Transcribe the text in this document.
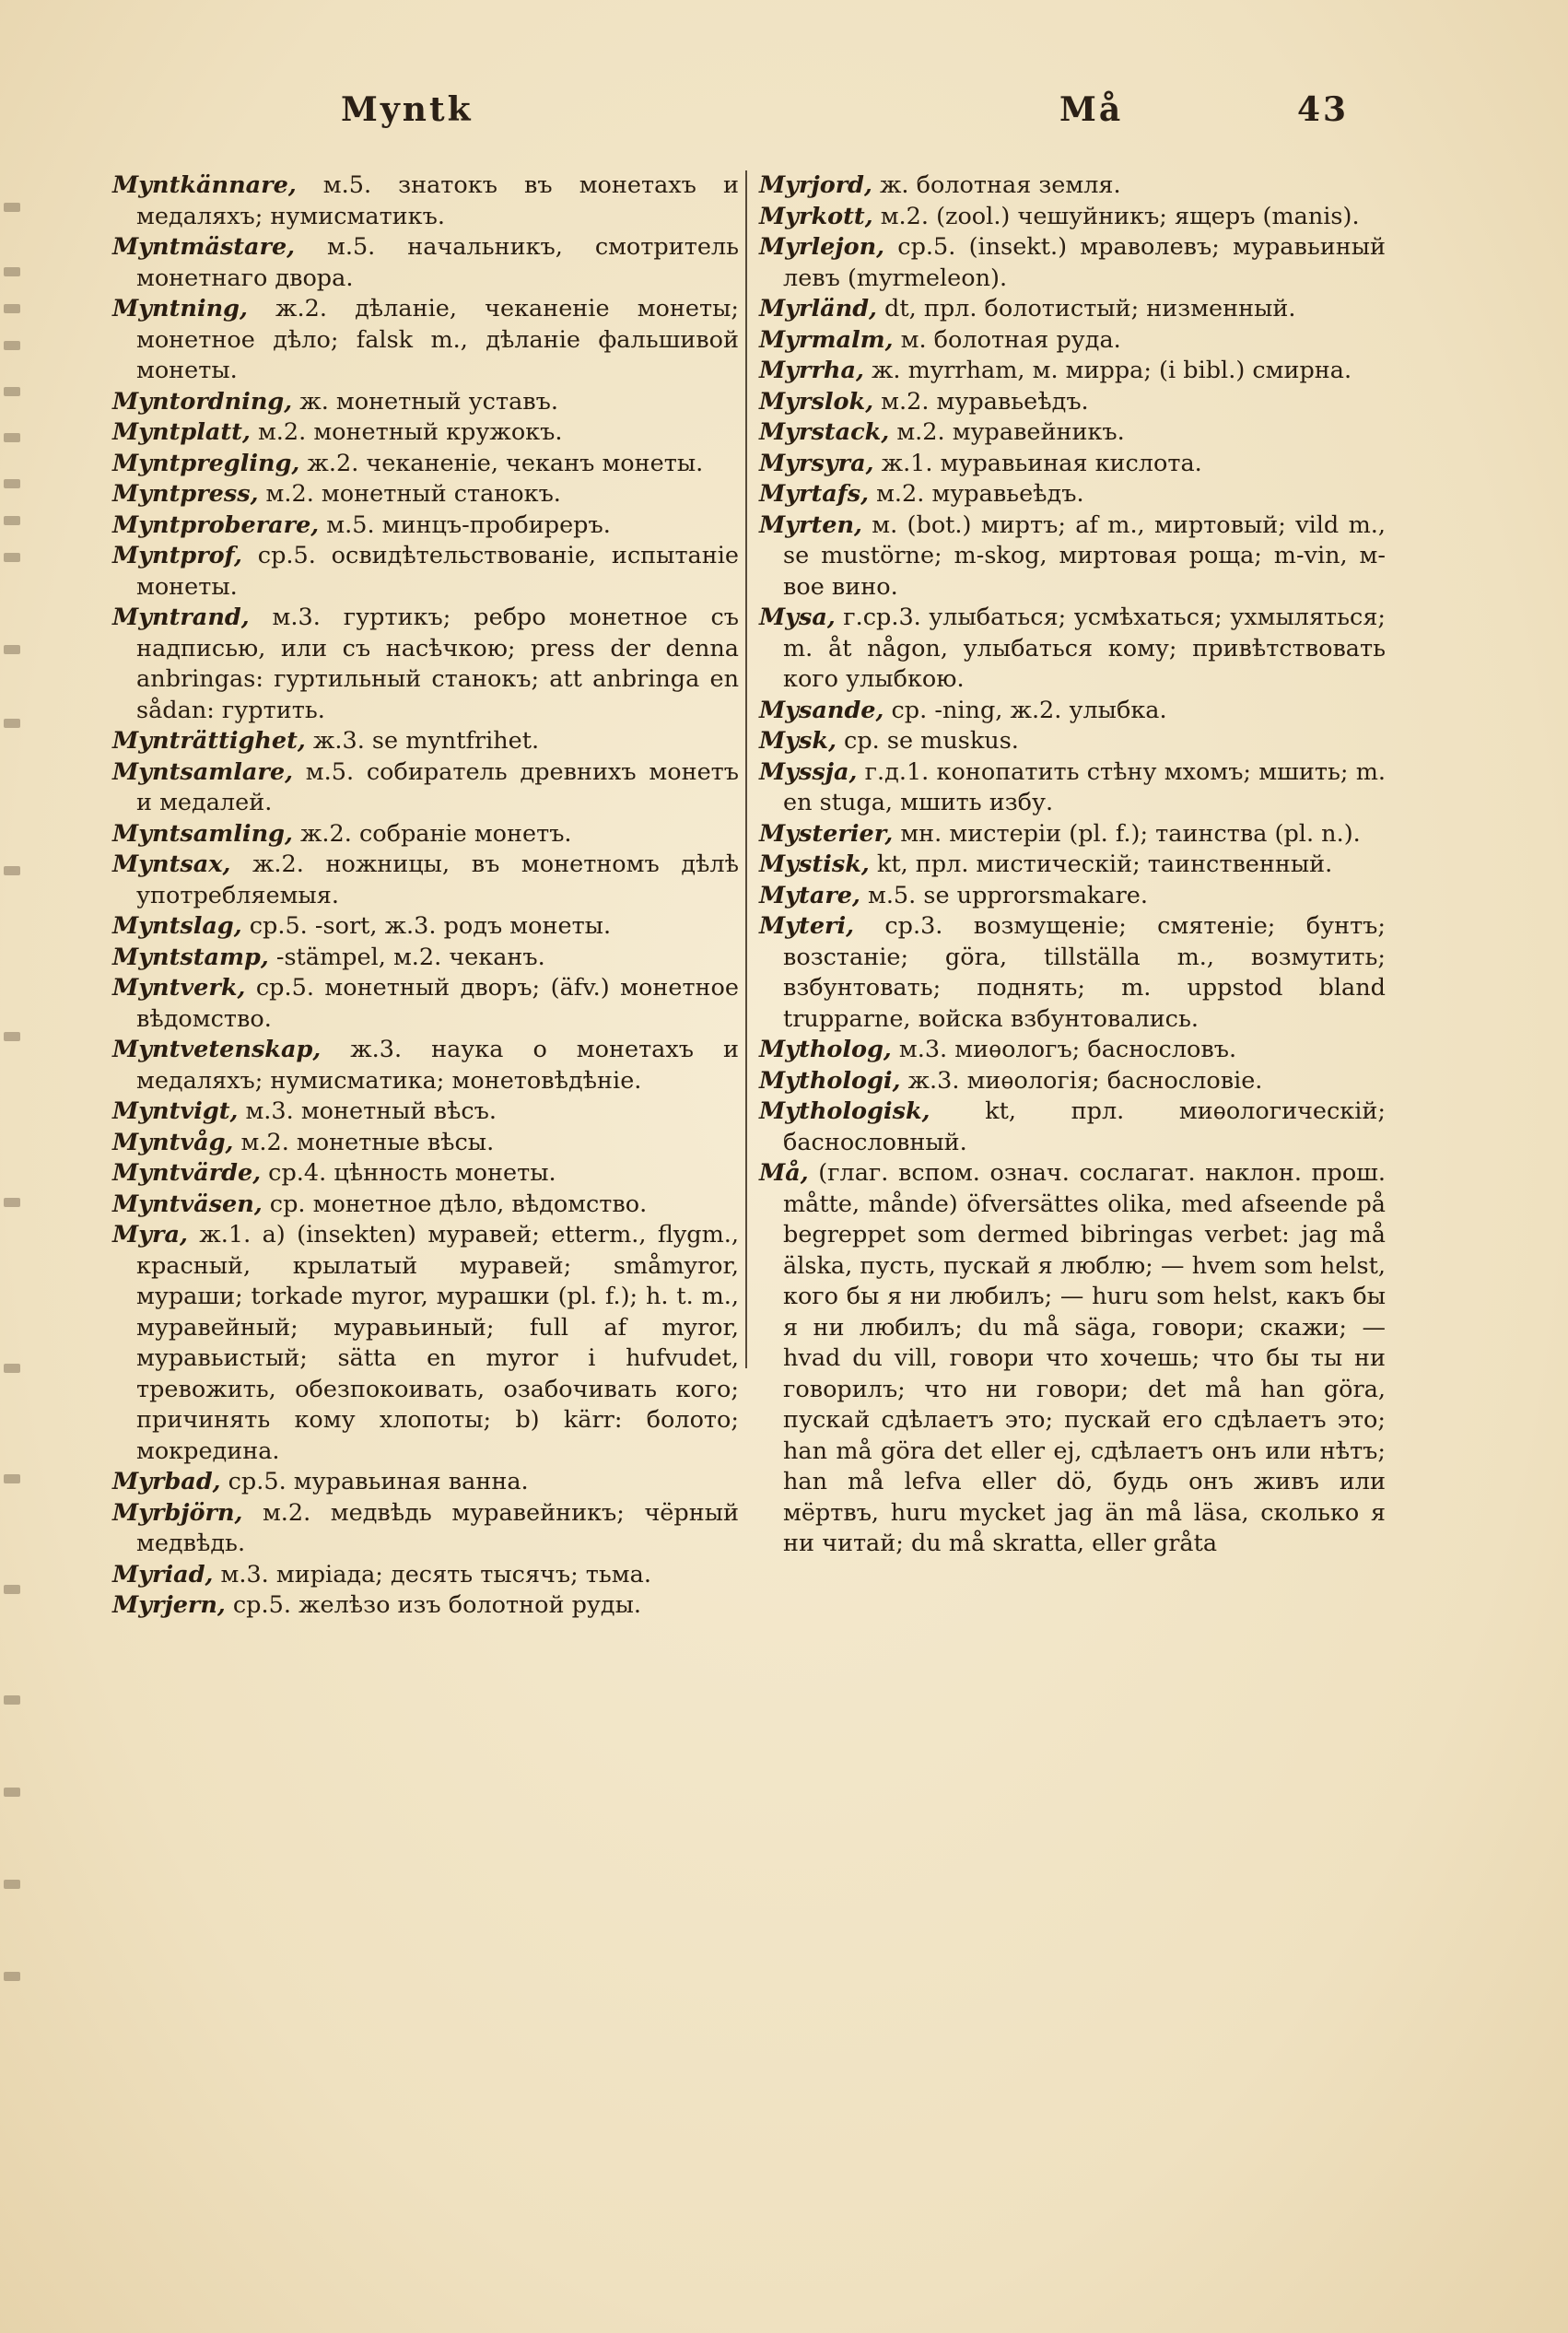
Myntk	Må	43

Myntkännare, м.5. знатокъ въ монетахъ и медаляхъ; нумисматикъ.

Myntmästare, м.5. начальникъ, смотритель монетнаго двора.

Myntning, ж.2. дѣланіе, чеканеніе монеты; монетное дѣло; falsk m., дѣланіе фальшивой монеты.

Myntordning, ж. монетный уставъ.

Myntplatt, м.2. монетный кружокъ.

Myntpregling, ж.2. чеканеніе, чеканъ монеты.

Myntpress, м.2. монетный станокъ.

Myntproberare, м.5. минцъ-пробиреръ.

Myntprof, ср.5. освидѣтельствованіе, испытаніе монеты.

Myntrand, м.3. гуртикъ; ребро монетное съ надписью, или съ насѣчкою; press der denna anbringas: гуртильный станокъ; att anbringa en sådan: гуртить.

Mynträttighet, ж.3. se myntfrihet.

Myntsamlare, м.5. собиратель древнихъ монетъ и медалей.

Myntsamling, ж.2. собраніе монетъ.

Myntsax, ж.2. ножницы, въ монетномъ дѣлѣ употребляемыя.

Myntslag, ср.5. -sort, ж.3. родъ монеты.

Myntstamp, -stämpel, м.2. чеканъ.

Myntverk, ср.5. монетный дворъ; (äfv.) монетное вѣдомство.

Myntvetenskap, ж.3. наука о монетахъ и медаляхъ; нумисматика; монетовѣдѣніе.

Myntvigt, м.3. монетный вѣсъ.

Myntvåg, м.2. монетные вѣсы.

Myntvärde, ср.4. цѣнность монеты.

Myntväsen, ср. монетное дѣло, вѣдомство.

Myra, ж.1. a) (insekten) муравей; etterm., flygm., красный, крылатый муравей; småmyror, мураши; torkade myror, мурашки (pl. f.); h. t. m., муравейный; муравьиный; full af myror, муравьистый; sätta en myror i hufvudet, тревожить, обезпокоивать, озабочивать кого; причинять кому хлопоты; b) kärr: болото; мокредина.

Myrbad, ср.5. муравьиная ванна.

Myrbjörn, м.2. медвѣдь муравейникъ; чёрный медвѣдь.

Myriad, м.3. миріада; десять тысячъ; тьма.

Myrjern, ср.5. желѣзо изъ болотной руды.

Myrjord, ж. болотная земля.

Myrkott, м.2. (zool.) чешуйникъ; ящеръ (manis).

Myrlejon, ср.5. (insekt.) мраволевъ; муравьиный левъ (myrmeleon).

Myrländ, dt, прл. болотистый; низменный.

Myrmalm, м. болотная руда.

Myrrha, ж. myrrham, м. мирра; (i bibl.) смирна.

Myrslok, м.2. муравьеѣдъ.

Myrstack, м.2. муравейникъ.

Myrsyra, ж.1. муравьиная кислота.

Myrtafs, м.2. муравьеѣдъ.

Myrten, м. (bot.) миртъ; af m., миртовый; vild m., se mustörne; m-skog, миртовая роща; m-vin, м-вое вино.

Mysa, г.ср.3. улыбаться; усмѣхаться; ухмыляться; m. åt någon, улыбаться кому; привѣтствовать кого улыбкою.

Mysande, ср. -ning, ж.2. улыбка.

Mysk, ср. se muskus.

Myssja, г.д.1. конопатить стѣну мхомъ; мшить; m. en stuga, мшить избу.

Mysterier, мн. мистеріи (pl. f.); таинства (pl. n.).

Mystisk, kt, прл. мистическій; таинственный.

Mytare, м.5. se upprorsmakare.

Myteri, ср.3. возмущеніе; смятеніе; бунтъ; возстаніе; göra, tillställa m., возмутить; взбунтовать; поднять; m. uppstod bland trupparne, войска взбунтовались.

Mytholog, м.3. миѳологъ; баснословъ.

Mythologi, ж.3. миѳологія; баснословіе.

Mythologisk, kt, прл. миѳологическій; баснословный.

Må, (глаг. вспом. означ. сослагат. наклон. прош. måtte, månde) öfversättes olika, med afseende på begreppet som dermed bibringas verbet: jag må älska, пусть, пускай я люблю; — hvem som helst, кого бы я ни любилъ; — huru som helst, какъ бы я ни любилъ; du må säga, говори; скажи; — hvad du vill, говори что хочешь; что бы ты ни говорилъ; что ни говори; det må han göra, пускай сдѣлаетъ это; пускай его сдѣлаетъ это; han må göra det eller ej, сдѣлаетъ онъ или нѣтъ; han må lefva eller dö, будь онъ живъ или мёртвъ, huru mycket jag än må läsa, сколько я ни читай; du må skratta, eller gråta
